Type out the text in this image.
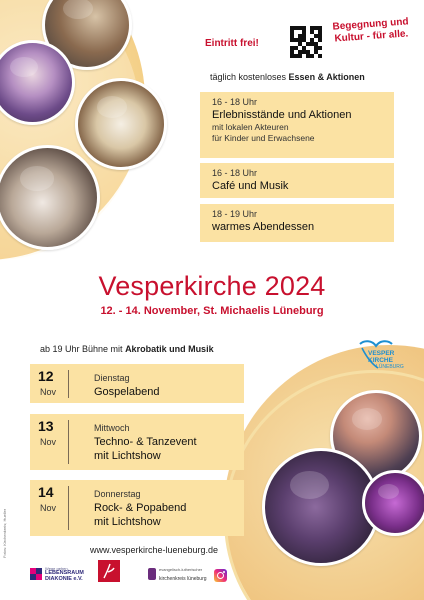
Eintritt frei!
Begegnung und Kultur - für alle.
täglich kostenloses Essen & Aktionen
16 - 18 Uhr
Erlebnisstände und Aktionen
mit lokalen Akteuren
für Kinder und Erwachsene
16 - 18 Uhr
Café und Musik
18 - 19 Uhr
warmes Abendessen
Vesperkirche 2024
12. - 14. November, St. Michaelis Lüneburg
ab 19 Uhr Bühne mit Akrobatik und Musik	VESPER
KIRCHE
LÜNEBURG
12
Nov
Dienstag
Gospelabend
13
Nov
Mittwoch
Techno- & Tanzevent
mit Lichtshow
14
Nov
Donnerstag
Rock- & Popabend
mit Lichtshow
www.vesperkirche-lueneburg.de
Fotos: Kirchenkreis; Hueller
Wege gehen.
LEBENSRAUM
DIAKONIE e.V.
evangelisch-lutherischer
kirchenkreis lüneburg
